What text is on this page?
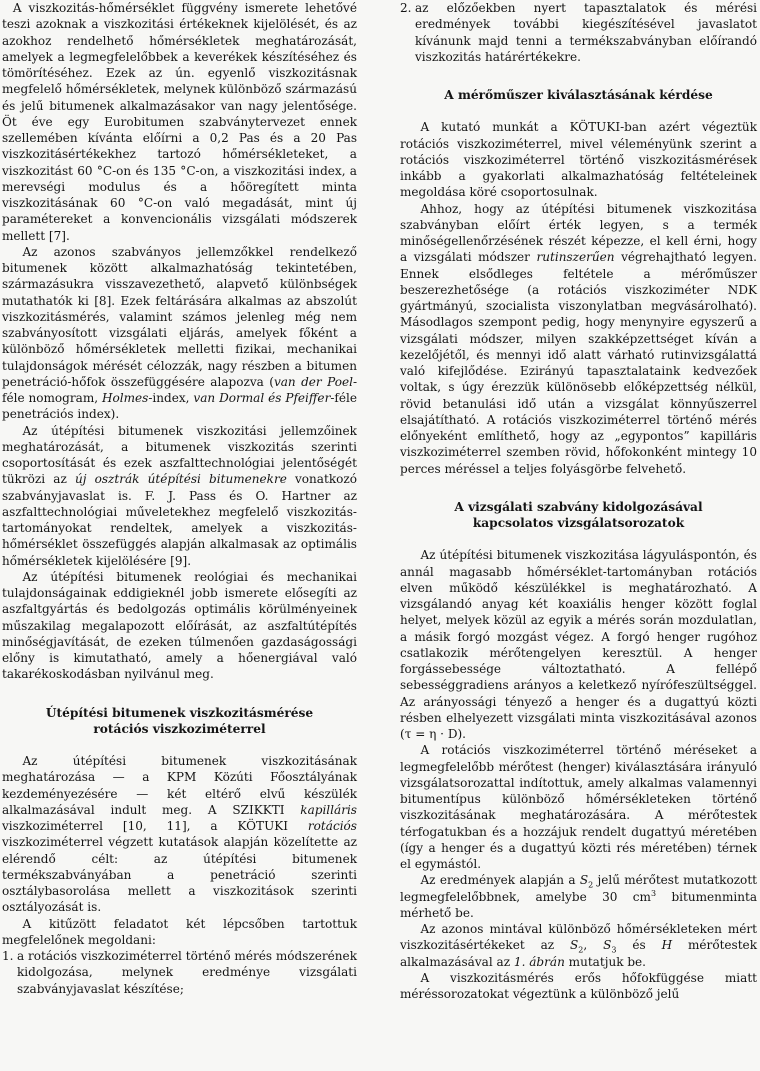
A viszkozitás-hőmérséklet függvény ismerete lehetővé teszi azoknak a viszkozitási értékeknek kijelölését, és az azokhoz rendelhető hőmérsékletek meghatározását, amelyek a legmegfelelőbbek a keverékek készítéséhez és tömörítéséhez. Ezek az ún. egyenlő viszkozitásnak megfelelő hőmérsékletek, melynek különböző származású és jelű bitumenek alkalmazásakor van nagy jelentősége. Öt éve egy Eurobitumen szabványtervezet ennek szellemében kívánta előírni a 0,2 Pas és a 20 Pas viszkozitásértékekhez tartozó hőmérsékleteket, a viszkozitást 60 °C-on és 135 °C-on, a viszkozitási index, a merevségi modulus és a hőöregített minta viszkozitásának 60 °C-on való megadását, mint új paramétereket a konvencionális vizsgálati módszerek mellett [7].

Az azonos szabványos jellemzőkkel rendelkező bitumenek között alkalmazhatóság tekintetében, származásukra visszavezethető, alapvető különbségek mutathatók ki [8]. Ezek feltárására alkalmas az abszolút viszkozitásmérés, valamint számos jelenleg még nem szabványosított vizsgálati eljárás, amelyek főként a különböző hőmérsékletek melletti fizikai, mechanikai tulajdonságok mérését célozzák, nagy részben a bitumen penetráció-hőfok összefüggésére alapozva (van der Poel-féle nomogram, Holmes-index, van Dormal és Pfeiffer-féle penetrációs index).

Az útépítési bitumenek viszkozitási jellemzőinek meghatározását, a bitumenek viszkozitás szerinti csoportosítását és ezek aszfalttechnológiai jelentőségét tükrözi az új osztrák útépítési bitumenekre vonatkozó szabványjavaslat is. F. J. Pass és O. Hartner az aszfalttechnológiai műveletekhez megfelelő viszkozitás-tartományokat rendeltek, amelyek a viszkozitás-hőmérséklet összefüggés alapján alkalmasak az optimális hőmérsékletek kijelölésére [9].

Az útépítési bitumenek reológiai és mechanikai tulajdonságainak eddigieknél jobb ismerete elősegíti az aszfaltgyártás és bedolgozás optimális körülményeinek műszakilag megalapozott előírását, az aszfaltútépítés minőségjavítását, de ezeken túlmenően gazdaságossági előny is kimutatható, amely a hőenergiával való takarékoskodásban nyilvánul meg.

Útépítési bitumenek viszkozitásmérése
rotációs viszkoziméterrel

Az útépítési bitumenek viszkozitásának meghatározása — a KPM Közúti Főosztályának kezdeményezésére — két eltérő elvű készülék alkalmazásával indult meg. A SZIKKTI kapilláris viszkoziméterrel [10, 11], a KÖTUKI rotációs viszkoziméterrel végzett kutatások alapján közelítette az elérendő célt: az útépítési bitumenek termékszabványában a penetráció szerinti osztálybasorolása mellett a viszkozitások szerinti osztályozását is.

A kitűzött feladatot két lépcsőben tartottuk megfelelőnek megoldani:

1. a rotációs viszkoziméterrel történő mérés módszerének kidolgozása, melynek eredménye vizsgálati szabványjavaslat készítése;
2. az előzőekben nyert tapasztalatok és mérési eredmények további kiegészítésével javaslatot kívánunk majd tenni a termékszabványban előírandó viszkozitás határértékekre.
A mérőműszer kiválasztásának kérdése

A kutató munkát a KÖTUKI-ban azért végeztük rotációs viszkoziméterrel, mivel véleményünk szerint a rotációs viszkoziméterrel történő viszkozitásmérések inkább a gyakorlati alkalmazhatóság feltételeinek megoldása köré csoportosulnak.

Ahhoz, hogy az útépítési bitumenek viszkozitása szabványban előírt érték legyen, s a termék minőségellenőrzésének részét képezze, el kell érni, hogy a vizsgálati módszer rutinszerűen végrehajtható legyen. Ennek elsődleges feltétele a mérőműszer beszerezhetősége (a rotációs viszkoziméter NDK gyártmányú, szocialista viszonylatban megvásárolható). Másodlagos szempont pedig, hogy menynyire egyszerű a vizsgálati módszer, milyen szakképzettséget kíván a kezelőjétől, és mennyi idő alatt várható rutinvizsgálattá való kifejlődése. Ezirányú tapasztalataink kedvezőek voltak, s úgy érezzük különösebb előképzettség nélkül, rövid betanulási idő után a vizsgálat könnyűszerrel elsajátítható. A rotációs viszkoziméterrel történő mérés előnyeként említhető, hogy az „egypontos” kapilláris viszkoziméterrel szemben rövid, hőfokonként mintegy 10 perces méréssel a teljes folyásgörbe felvehető.

A vizsgálati szabvány kidolgozásával
kapcsolatos vizsgálatsorozatok

Az útépítési bitumenek viszkozitása lágyuláspontón, és annál magasabb hőmérséklet-tartományban rotációs elven működő készülékkel is meghatározható. A vizsgálandó anyag két koaxiális henger között foglal helyet, melyek közül az egyik a mérés során mozdulatlan, a másik forgó mozgást végez. A forgó henger rugóhoz csatlakozik mérőtengelyen keresztül. A henger forgássebessége változtatható. A fellépő sebességgradiens arányos a keletkező nyírófeszültséggel. Az arányossági tényező a henger és a dugattyú közti résben elhelyezett vizsgálati minta viszkozitásával azonos (τ = η · D).

A rotációs viszkoziméterrel történő méréseket a legmegfelelőbb mérőtest (henger) kiválasztására irányuló vizsgálatsorozattal indítottuk, amely alkalmas valamennyi bitumentípus különböző hőmérsékleteken történő viszkozitásának meghatározására. A mérőtestek térfogatukban és a hozzájuk rendelt dugattyú méretében (így a henger és a dugattyú közti rés méretében) térnek el egymástól.

Az eredmények alapján a $S_2$ jelű mérőtest mutatkozott legmegfelelőbbnek, amelybe 30 $cm^3$ bitumenminta mérhető be.

Az azonos mintával különböző hőmérsékleteken mért viszkozitásértékeket az $S_2$, $S_3$ és H mérőtestek alkalmazásával az 1. ábrán mutatjuk be.

A viszkozitásmérés erős hőfokfüggése miatt méréssorozatokat végeztünk a különböző jelű
